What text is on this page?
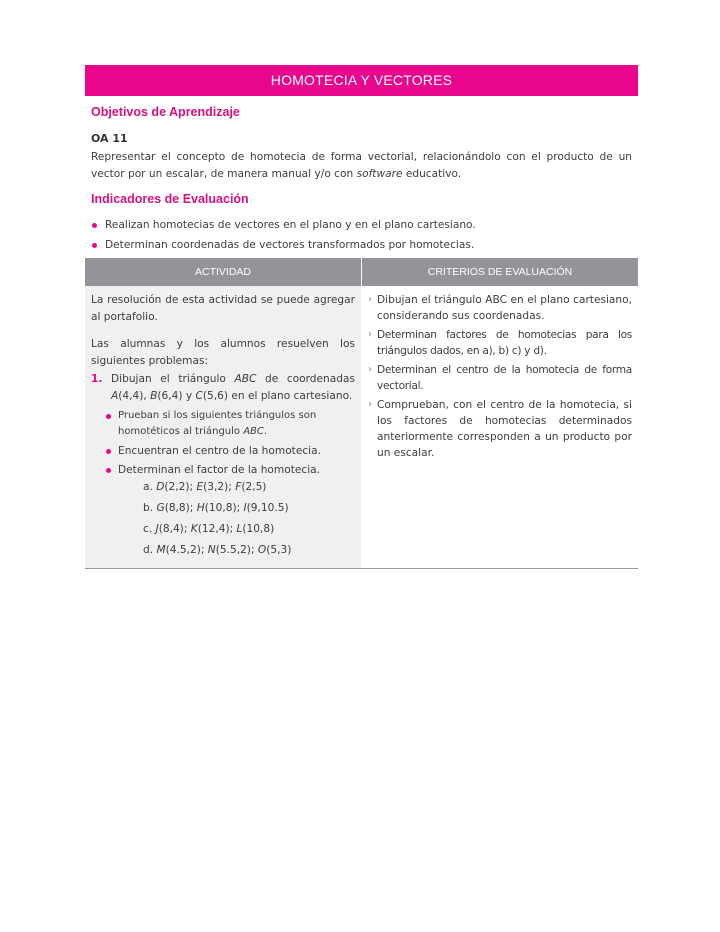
HOMOTECIA Y VECTORES
Objetivos de Aprendizaje
OA 11

Representar el concepto de homotecia de forma vectorial, relacionándolo con el producto de un vector por un escalar, de manera manual y/o con software educativo.

Indicadores de Evaluación
Realizan homotecias de vectores en el plano y en el plano cartesiano.
Determinan coordenadas de vectores transformados por homotecias.
ACTIVIDAD	CRITERIOS DE EVALUACIÓN

La resolución de esta actividad se puede agregar al portafolio.

Las alumnas y los alumnos resuelven los siguientes problemas:

1. Dibujan el triángulo ABC de coordenadas A(4,4), B(6,4) y C(5,6) en el plano cartesiano.
Prueban si los siguientes triángulos son homotéticos al triángulo ABC.
Encuentran el centro de la homotecia.
Determinan el factor de la homotecia.
a. D(2,2); E(3,2); F(2,5)
b. G(8,8); H(10,8); I(9,10.5)
c. J(8,4); K(12,4); L(10,8)
d. M(4.5,2); N(5.5,2); O(5,3)
› Dibujan el triángulo ABC en el plano cartesiano, considerando sus coordenadas.
› Determinan factores de homotecias para los triángulos dados, en a), b) c) y d).
› Determinan el centro de la homotecia de forma vectorial.
› Comprueban, con el centro de la homotecia, si los factores de homotecias determinados anteriormente corresponden a un producto por un escalar.
